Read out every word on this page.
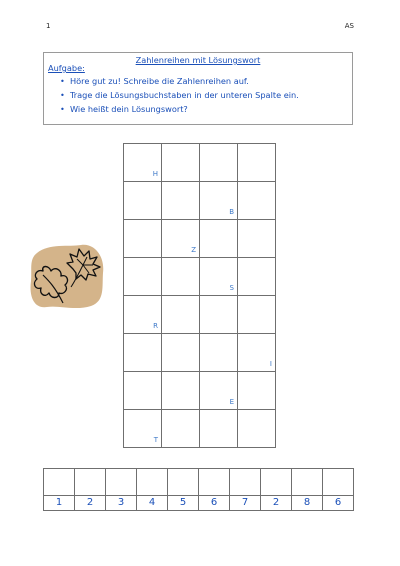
1	AS
Zahlenreihen mit Lösungswort
Aufgabe:
• Höre gut zu! Schreibe die Zahlenreihen auf.
• Trage die Lösungsbuchstaben in der unteren Spalte ein.
• Wie heißt dein Lösungswort?
H			

		B	

	Z		

		S	

R			

			I

		E	

T			

1	2	3	4	5	6	7	2	8	6
